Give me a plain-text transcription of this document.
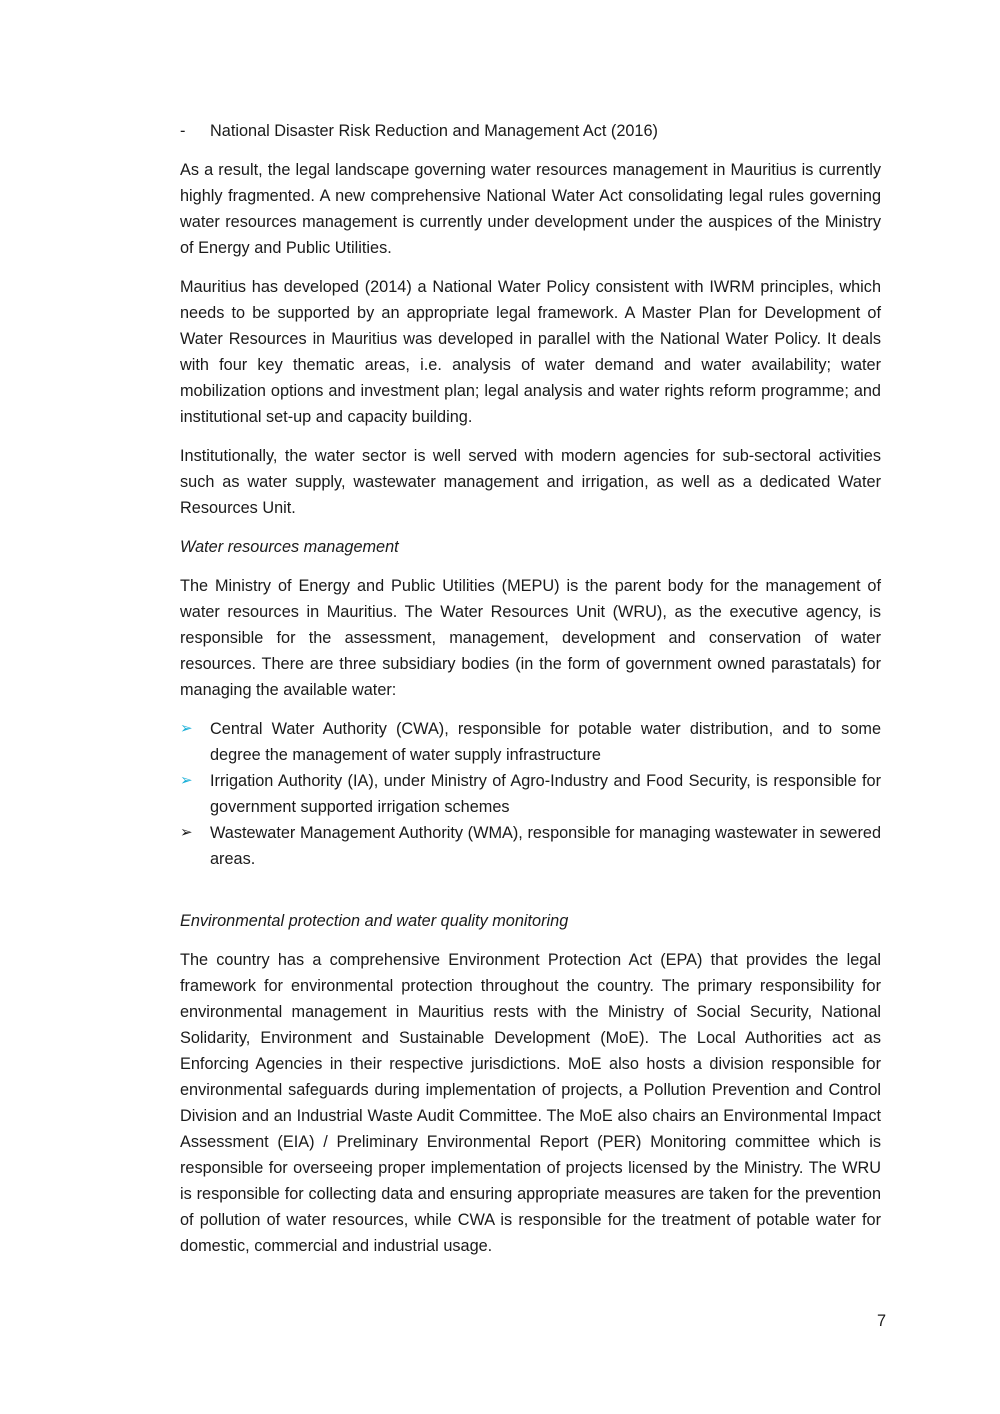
-	National Disaster Risk Reduction and Management Act (2016)

As a result, the legal landscape governing water resources management in Mauritius is currently highly fragmented. A new comprehensive National Water Act consolidating legal rules governing water resources management is currently under development under the auspices of the Ministry of Energy and Public Utilities.

Mauritius has developed (2014) a National Water Policy consistent with IWRM principles, which needs to be supported by an appropriate legal framework. A Master Plan for Development of Water Resources in Mauritius was developed in parallel with the National Water Policy. It deals with four key thematic areas, i.e. analysis of water demand and water availability; water mobilization options and investment plan; legal analysis and water rights reform programme; and institutional set-up and capacity building.

Institutionally, the water sector is well served with modern agencies for sub-sectoral activities such as water supply, wastewater management and irrigation, as well as a dedicated Water Resources Unit.

Water resources management

The Ministry of Energy and Public Utilities (MEPU) is the parent body for the management of water resources in Mauritius. The Water Resources Unit (WRU), as the executive agency, is responsible for the assessment, management, development and conservation of water resources. There are three subsidiary bodies (in the form of government owned parastatals) for managing the available water:

➢	Central Water Authority (CWA), responsible for potable water distribution, and to some degree the management of water supply infrastructure
➢	Irrigation Authority (IA), under Ministry of Agro-Industry and Food Security, is responsible for government supported irrigation schemes
➢	Wastewater Management Authority (WMA), responsible for managing wastewater in sewered areas.
Environmental protection and water quality monitoring

The country has a comprehensive Environment Protection Act (EPA) that provides the legal framework for environmental protection throughout the country. The primary responsibility for environmental management in Mauritius rests with the Ministry of Social Security, National Solidarity, Environment and Sustainable Development (MoE). The Local Authorities act as Enforcing Agencies in their respective jurisdictions. MoE also hosts a division responsible for environmental safeguards during implementation of projects, a Pollution Prevention and Control Division and an Industrial Waste Audit Committee. The MoE also chairs an Environmental Impact Assessment (EIA) / Preliminary Environmental Report (PER) Monitoring committee which is responsible for overseeing proper implementation of projects licensed by the Ministry. The WRU is responsible for collecting data and ensuring appropriate measures are taken for the prevention of pollution of water resources, while CWA is responsible for the treatment of potable water for domestic, commercial and industrial usage.

7
